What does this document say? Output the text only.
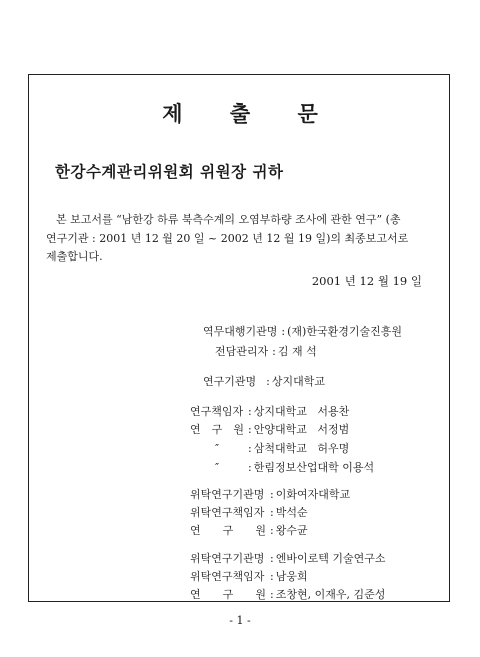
제 출 문
한강수계관리위원회 위원장 귀하
본 보고서를 “남한강 하류 북측수계의 오염부하량 조사에 관한 연구” (총
연구기관 : 2001 년 12 월 20 일 ~ 2002 년 12 월 19 일)의 최종보고서로
제출합니다.
2001 년 12 월 19 일
역무대행기관명 : (재)한국환경기술진흥원
전담관리자 : 김 재 석
연구기관명 : 상지대학교
연구책임자 : 상지대학교   서용찬
연 구 원 : 안양대학교   서정범
″	: 삼척대학교   허우명
″	: 한림정보산업대학 이용석
위탁연구기관명 : 이화여자대학교
위탁연구책임자 : 박석순
연 구 원 : 왕수균
위탁연구기관명 : 엔바이로텍 기술연구소
위탁연구책임자 : 남웅희
연 구 원 : 조창현, 이재우, 김준성
- 1 -
